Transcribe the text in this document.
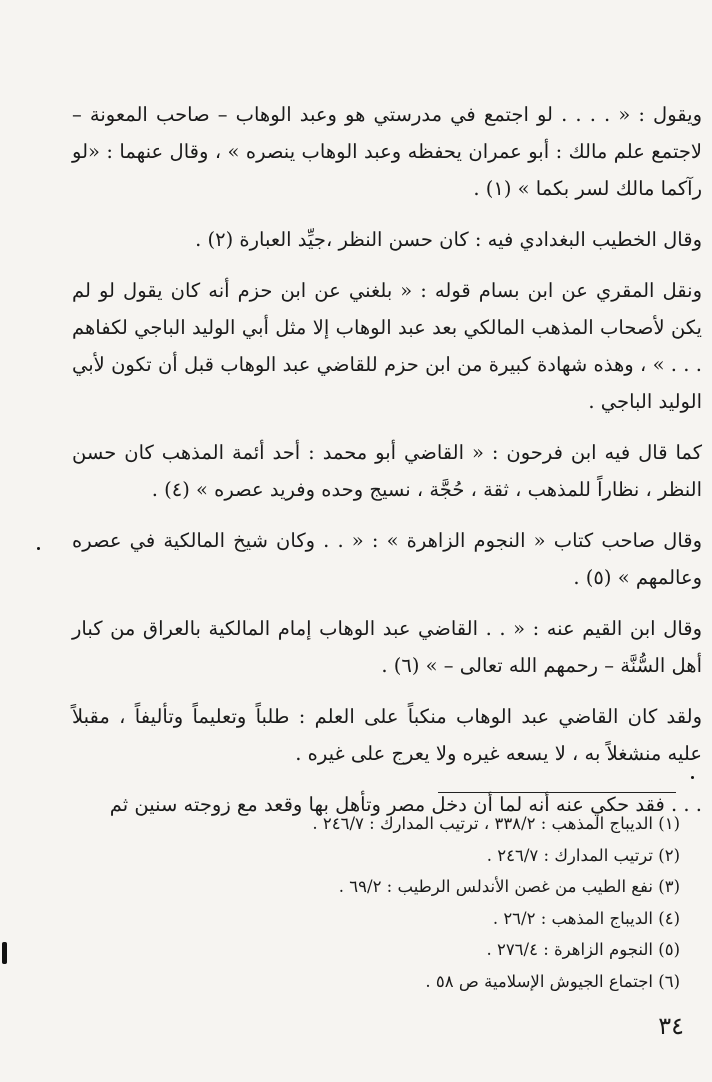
ويقول : « . . . . لو اجتمع في مدرستي هو وعبد الوهاب – صاحب المعونة – لاجتمع علم مالك : أبو عمران يحفظه وعبد الوهاب ينصره » ، وقال عنهما : «لو رآكما مالك لسر بكما » (١) .

وقال الخطيب البغدادي فيه : كان حسن النظر ،جيِّد العبارة (٢) .

ونقل المقري عن ابن بسام قوله : « بلغني عن ابن حزم أنه كان يقول لو لم يكن لأصحاب المذهب المالكي بعد عبد الوهاب إلا مثل أبي الوليد الباجي لكفاهم . . . » ، وهذه شهادة كبيرة من ابن حزم للقاضي عبد الوهاب قبل أن تكون لأبي الوليد الباجي .

كما قال فيه ابن فرحون : « القاضي أبو محمد : أحد أئمة المذهب كان حسن النظر ، نظاراً للمذهب ، ثقة ، حُجَّة ، نسيج وحده وفريد عصره » (٤) .

وقال صاحب كتاب « النجوم الزاهرة » : « . . وكان شيخ المالكية في عصره وعالمهم » (٥) .

وقال ابن القيم عنه : « . . القاضي عبد الوهاب إمام المالكية بالعراق من كبار أهل السُّنَّة – رحمهم الله تعالى – » (٦) .

ولقد كان القاضي عبد الوهاب منكباً على العلم : طلباً وتعليماً وتأليفاً ، مقبلاً عليه منشغلاً به ، لا يسعه غيره ولا يعرج على غيره .

. . . فقد حكي عنه أنه لما أن دخل مصر وتأهل بها وقعد مع زوجته سنين ثم

(١) الديباج المذهب : ٣٣٨/٢ ، ترتيب المدارك : ٢٤٦/٧ .
(٢) ترتيب المدارك : ٢٤٦/٧ .
(٣) نفع الطيب من غصن الأندلس الرطيب : ٦٩/٢ .
(٤) الديباج المذهب : ٢٦/٢ .
(٥) النجوم الزاهرة : ٢٧٦/٤ .
(٦) اجتماع الجيوش الإسلامية ص ٥٨ .
٣٤
